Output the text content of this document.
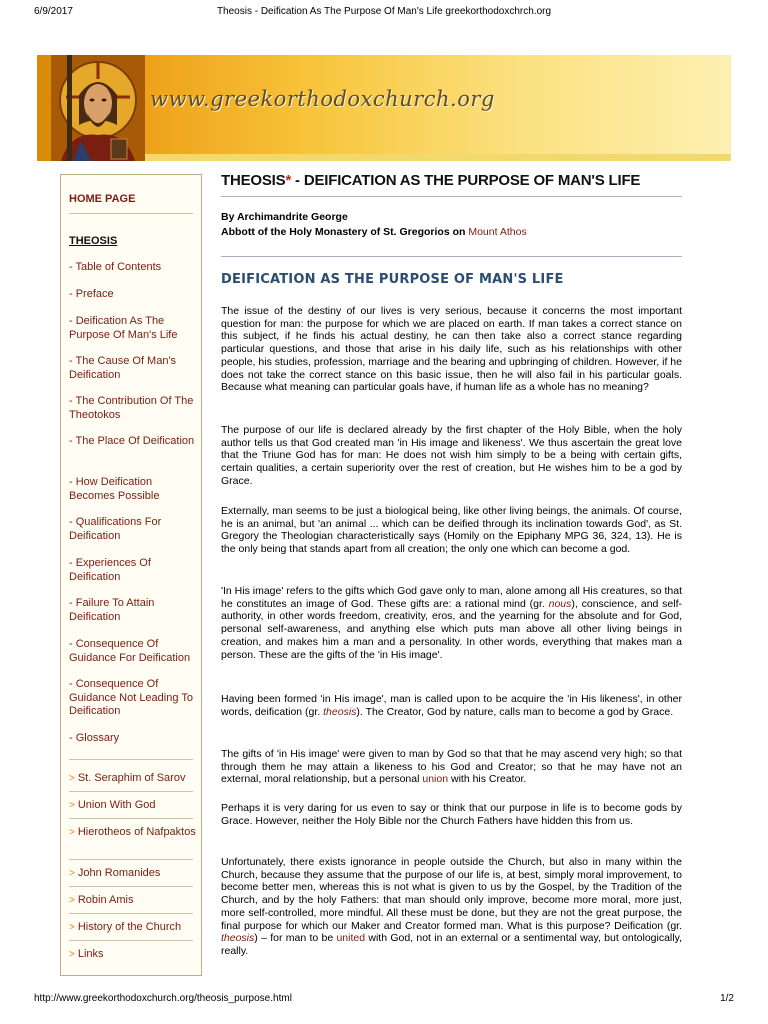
6/9/2017	Theosis - Deification As The Purpose Of Man's Life greekorthodoxchrch.org
www.greekorthodoxchurch.org
HOME PAGE
THEOSIS
- Table of Contents
- Preface
- Deification As The Purpose Of Man's Life
- The Cause Of Man's Deification
- The Contribution Of The Theotokos
- The Place Of Deification
- How Deification Becomes Possible
- Qualifications For Deification
- Experiences Of Deification
- Failure To Attain Deification
- Consequence Of Guidance For Deification
- Consequence Of Guidance Not Leading To Deification
- Glossary
> St. Seraphim of Sarov
> Union With God
> Hierotheos of Nafpaktos
> John Romanides
> Robin Amis
> History of the Church
> Links
THEOSIS* - DEIFICATION AS THE PURPOSE OF MAN'S LIFE
By Archimandrite George
Abbott of the Holy Monastery of St. Gregorios on Mount Athos
DEIFICATION AS THE PURPOSE OF MAN'S LIFE

The issue of the destiny of our lives is very serious, because it concerns the most important question for man: the purpose for which we are placed on earth. If man takes a correct stance on this subject, if he finds his actual destiny, he can then take also a correct stance regarding particular questions, and those that arise in his daily life, such as his relationships with other people, his studies, profession, marriage and the bearing and upbringing of children. However, if he does not take the correct stance on this basic issue, then he will also fail in his particular goals. Because what meaning can particular goals have, if human life as a whole has no meaning?

The purpose of our life is declared already by the first chapter of the Holy Bible, when the holy author tells us that God created man 'in His image and likeness'. We thus ascertain the great love that the Triune God has for man: He does not wish him simply to be a being with certain gifts, certain qualities, a certain superiority over the rest of creation, but He wishes him to be a god by Grace.

Externally, man seems to be just a biological being, like other living beings, the animals. Of course, he is an animal, but 'an animal ... which can be deified through its inclination towards God', as St. Gregory the Theologian characteristically says (Homily on the Epiphany MPG 36, 324, 13). He is the only being that stands apart from all creation; the only one which can become a god.

'In His image' refers to the gifts which God gave only to man, alone among all His creatures, so that he constitutes an image of God. These gifts are: a rational mind (gr. nous), conscience, and self-authority, in other words freedom, creativity, eros, and the yearning for the absolute and for God, personal self-awareness, and anything else which puts man above all other living beings in creation, and makes him a man and a personality. In other words, everything that makes man a person. These are the gifts of the 'in His image'.

Having been formed 'in His image', man is called upon to be acquire the 'in His likeness', in other words, deification (gr. theosis). The Creator, God by nature, calls man to become a god by Grace.

The gifts of 'in His image' were given to man by God so that that he may ascend very high; so that through them he may attain a likeness to his God and Creator; so that he may have not an external, moral relationship, but a personal union with his Creator.

Perhaps it is very daring for us even to say or think that our purpose in life is to become gods by Grace. However, neither the Holy Bible nor the Church Fathers have hidden this from us.

Unfortunately, there exists ignorance in people outside the Church, but also in many within the Church, because they assume that the purpose of our life is, at best, simply moral improvement, to become better men, whereas this is not what is given to us by the Gospel, by the Tradition of the Church, and by the holy Fathers: that man should only improve, become more moral, more just, more self-controlled, more mindful. All these must be done, but they are not the great purpose, the final purpose for which our Maker and Creator formed man. What is this purpose? Deification (gr. theosis) – for man to be united with God, not in an external or a sentimental way, but ontologically, really.

http://www.greekorthodoxchurch.org/theosis_purpose.html	1/2
